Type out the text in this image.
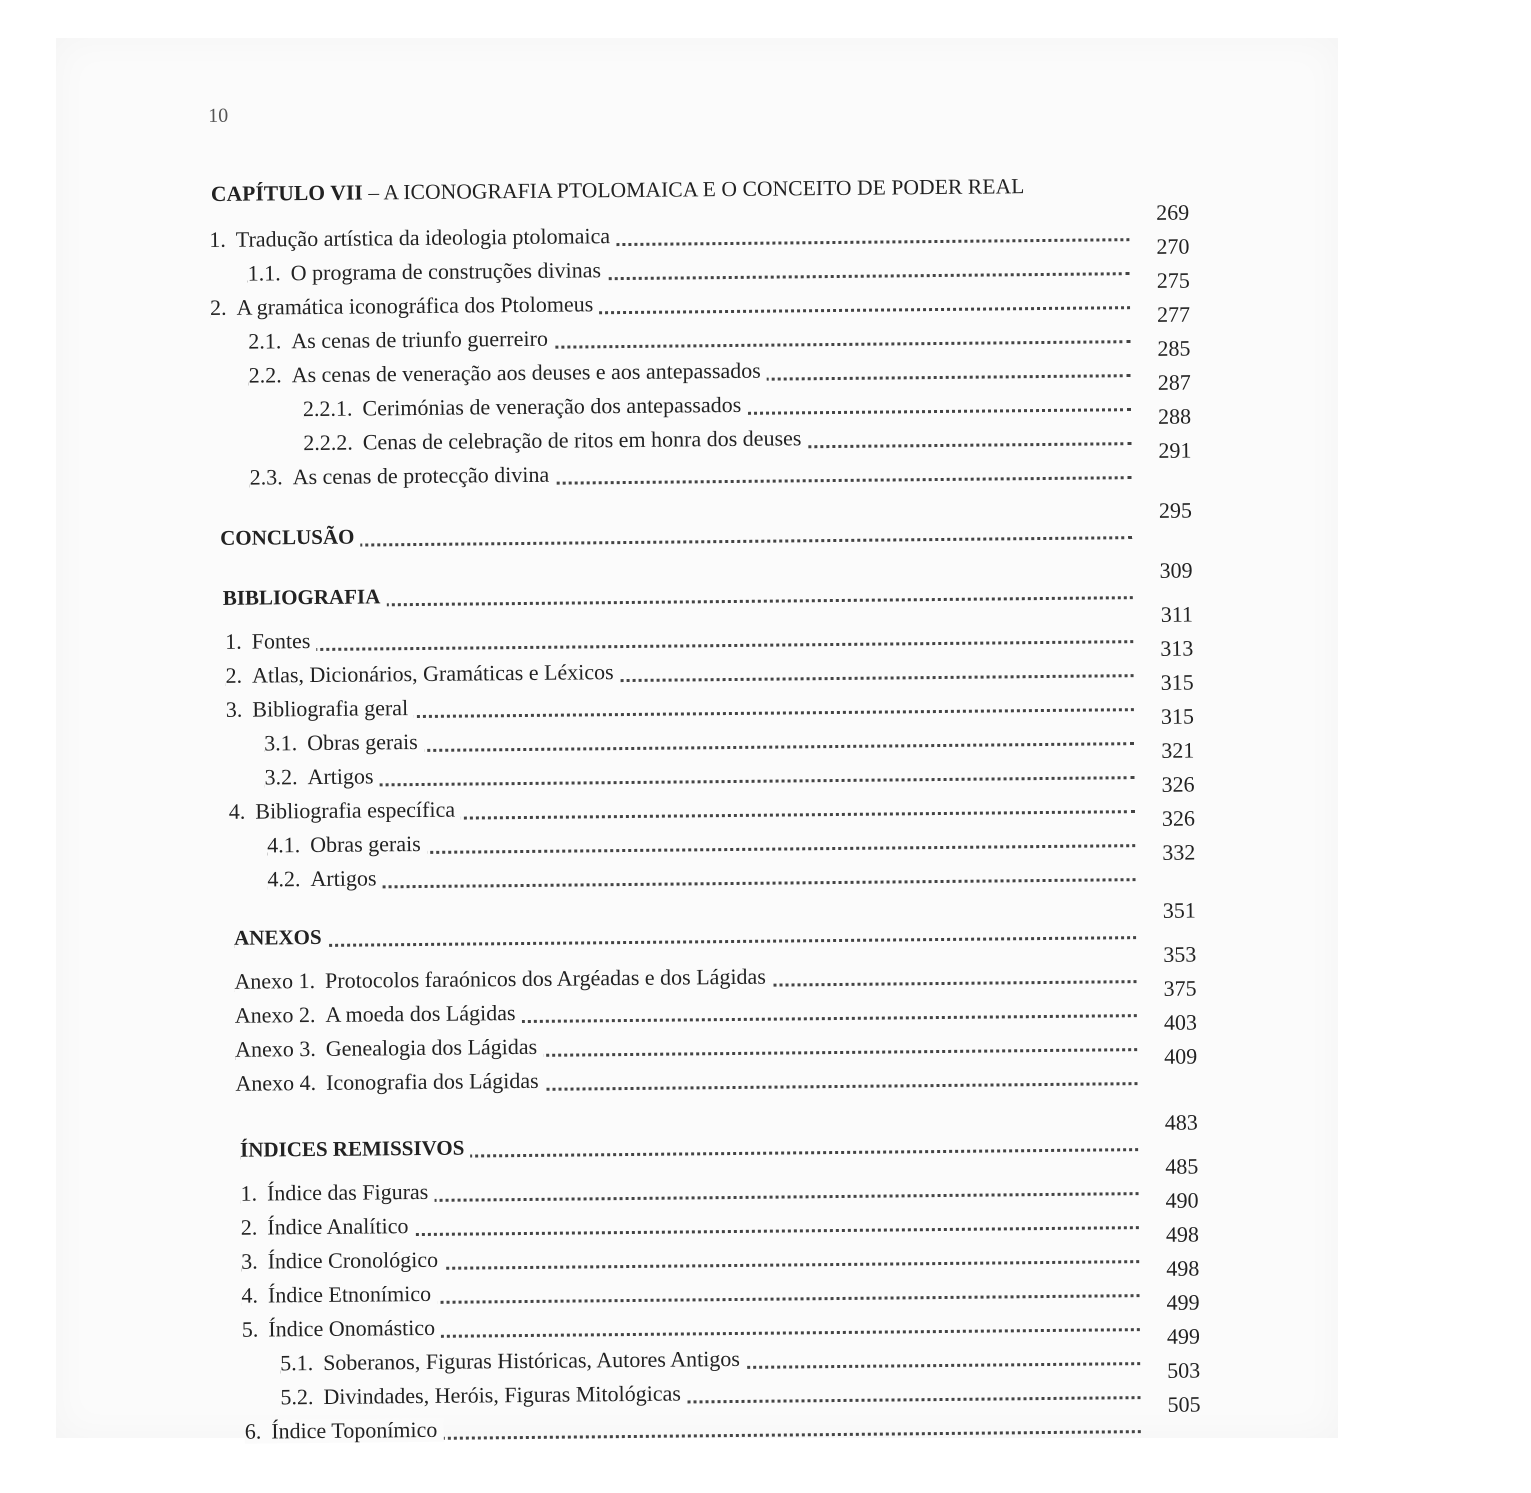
10
CAPÍTULO VII – A ICONOGRAFIA PTOLOMAICA E O CONCEITO DE PODER REAL
1. Tradução artística da ideologia ptolomaica
269
1.1. O programa de construções divinas
270
2. A gramática iconográfica dos Ptolomeus
275
2.1. As cenas de triunfo guerreiro
277
2.2. As cenas de veneração aos deuses e aos antepassados
285
2.2.1. Cerimónias de veneração dos antepassados
287
2.2.2. Cenas de celebração de ritos em honra dos deuses
288
2.3. As cenas de protecção divina
291
CONCLUSÃO
295
BIBLIOGRAFIA
309
1. Fontes
311
2. Atlas, Dicionários, Gramáticas e Léxicos
313
3. Bibliografia geral
315
3.1. Obras gerais
315
3.2. Artigos
321
4. Bibliografia específica
326
4.1. Obras gerais
326
4.2. Artigos
332
ANEXOS
351
Anexo 1. Protocolos faraónicos dos Argéadas e dos Lágidas
353
Anexo 2. A moeda dos Lágidas
375
Anexo 3. Genealogia dos Lágidas
403
Anexo 4. Iconografia dos Lágidas
409
ÍNDICES REMISSIVOS
483
1. Índice das Figuras
485
2. Índice Analítico
490
3. Índice Cronológico
498
4. Índice Etnonímico
498
5. Índice Onomástico
499
5.1. Soberanos, Figuras Históricas, Autores Antigos
499
5.2. Divindades, Heróis, Figuras Mitológicas
503
6. Índice Toponímico
505
